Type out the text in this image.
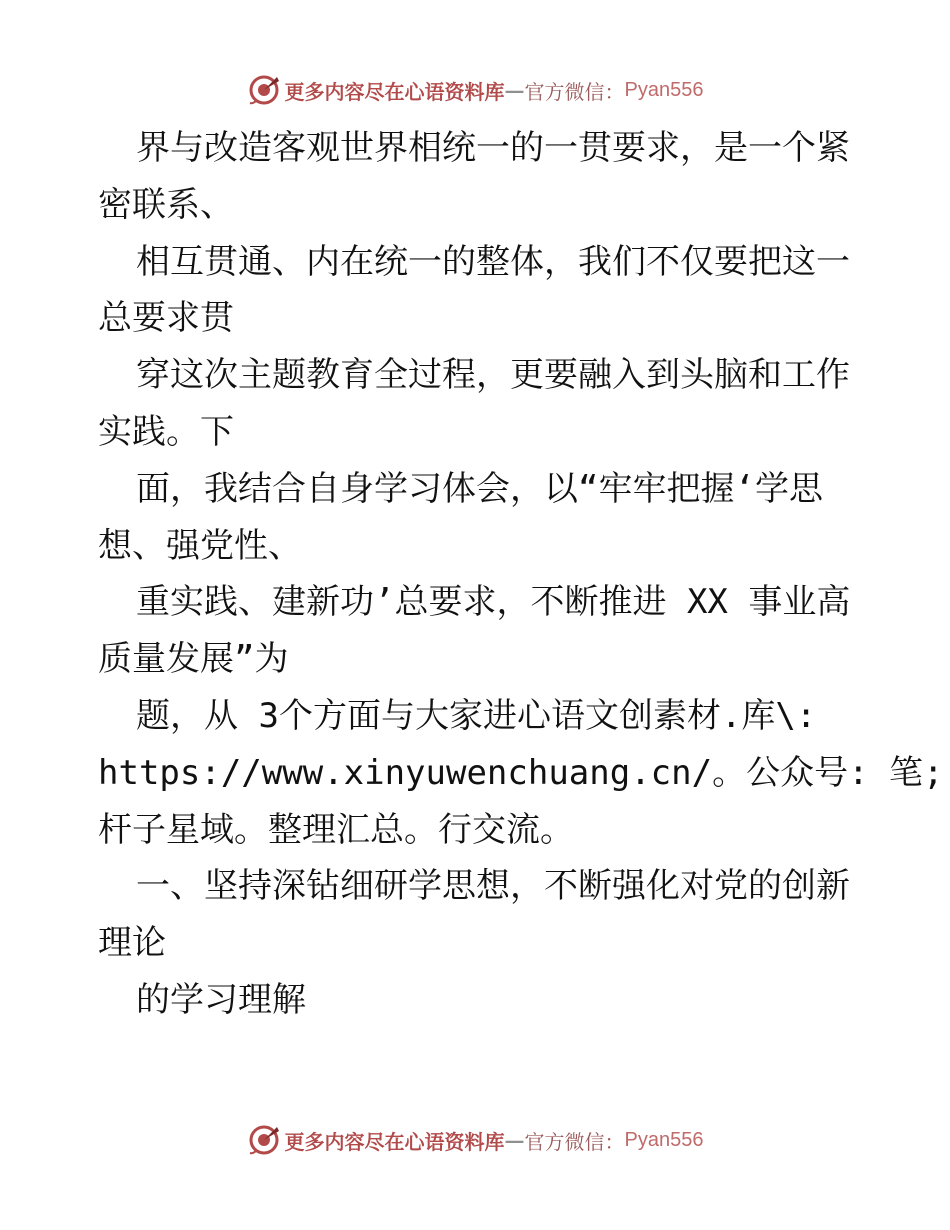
更多内容尽在心语资料库 — 官方微信： Pyan556
界与改造客观世界相统一的一贯要求，是一个紧
密联系、
相互贯通、内在统一的整体，我们不仅要把这一
总要求贯
穿这次主题教育全过程，更要融入到头脑和工作
实践。下
面，我结合自身学习体会，以“牢牢把握‘学思
想、强党性、
重实践、建新功’总要求，不断推进 XX 事业高
质量发展”为
题，从 3个方面与大家进心语文创素材.库\:
https://www.xinyuwenchuang.cn/。公众号: 笔;
杆子星域。整理汇总。行交流。
一、坚持深钻细研学思想，不断强化对党的创新
理论
的学习理解
更多内容尽在心语资料库 — 官方微信： Pyan556
